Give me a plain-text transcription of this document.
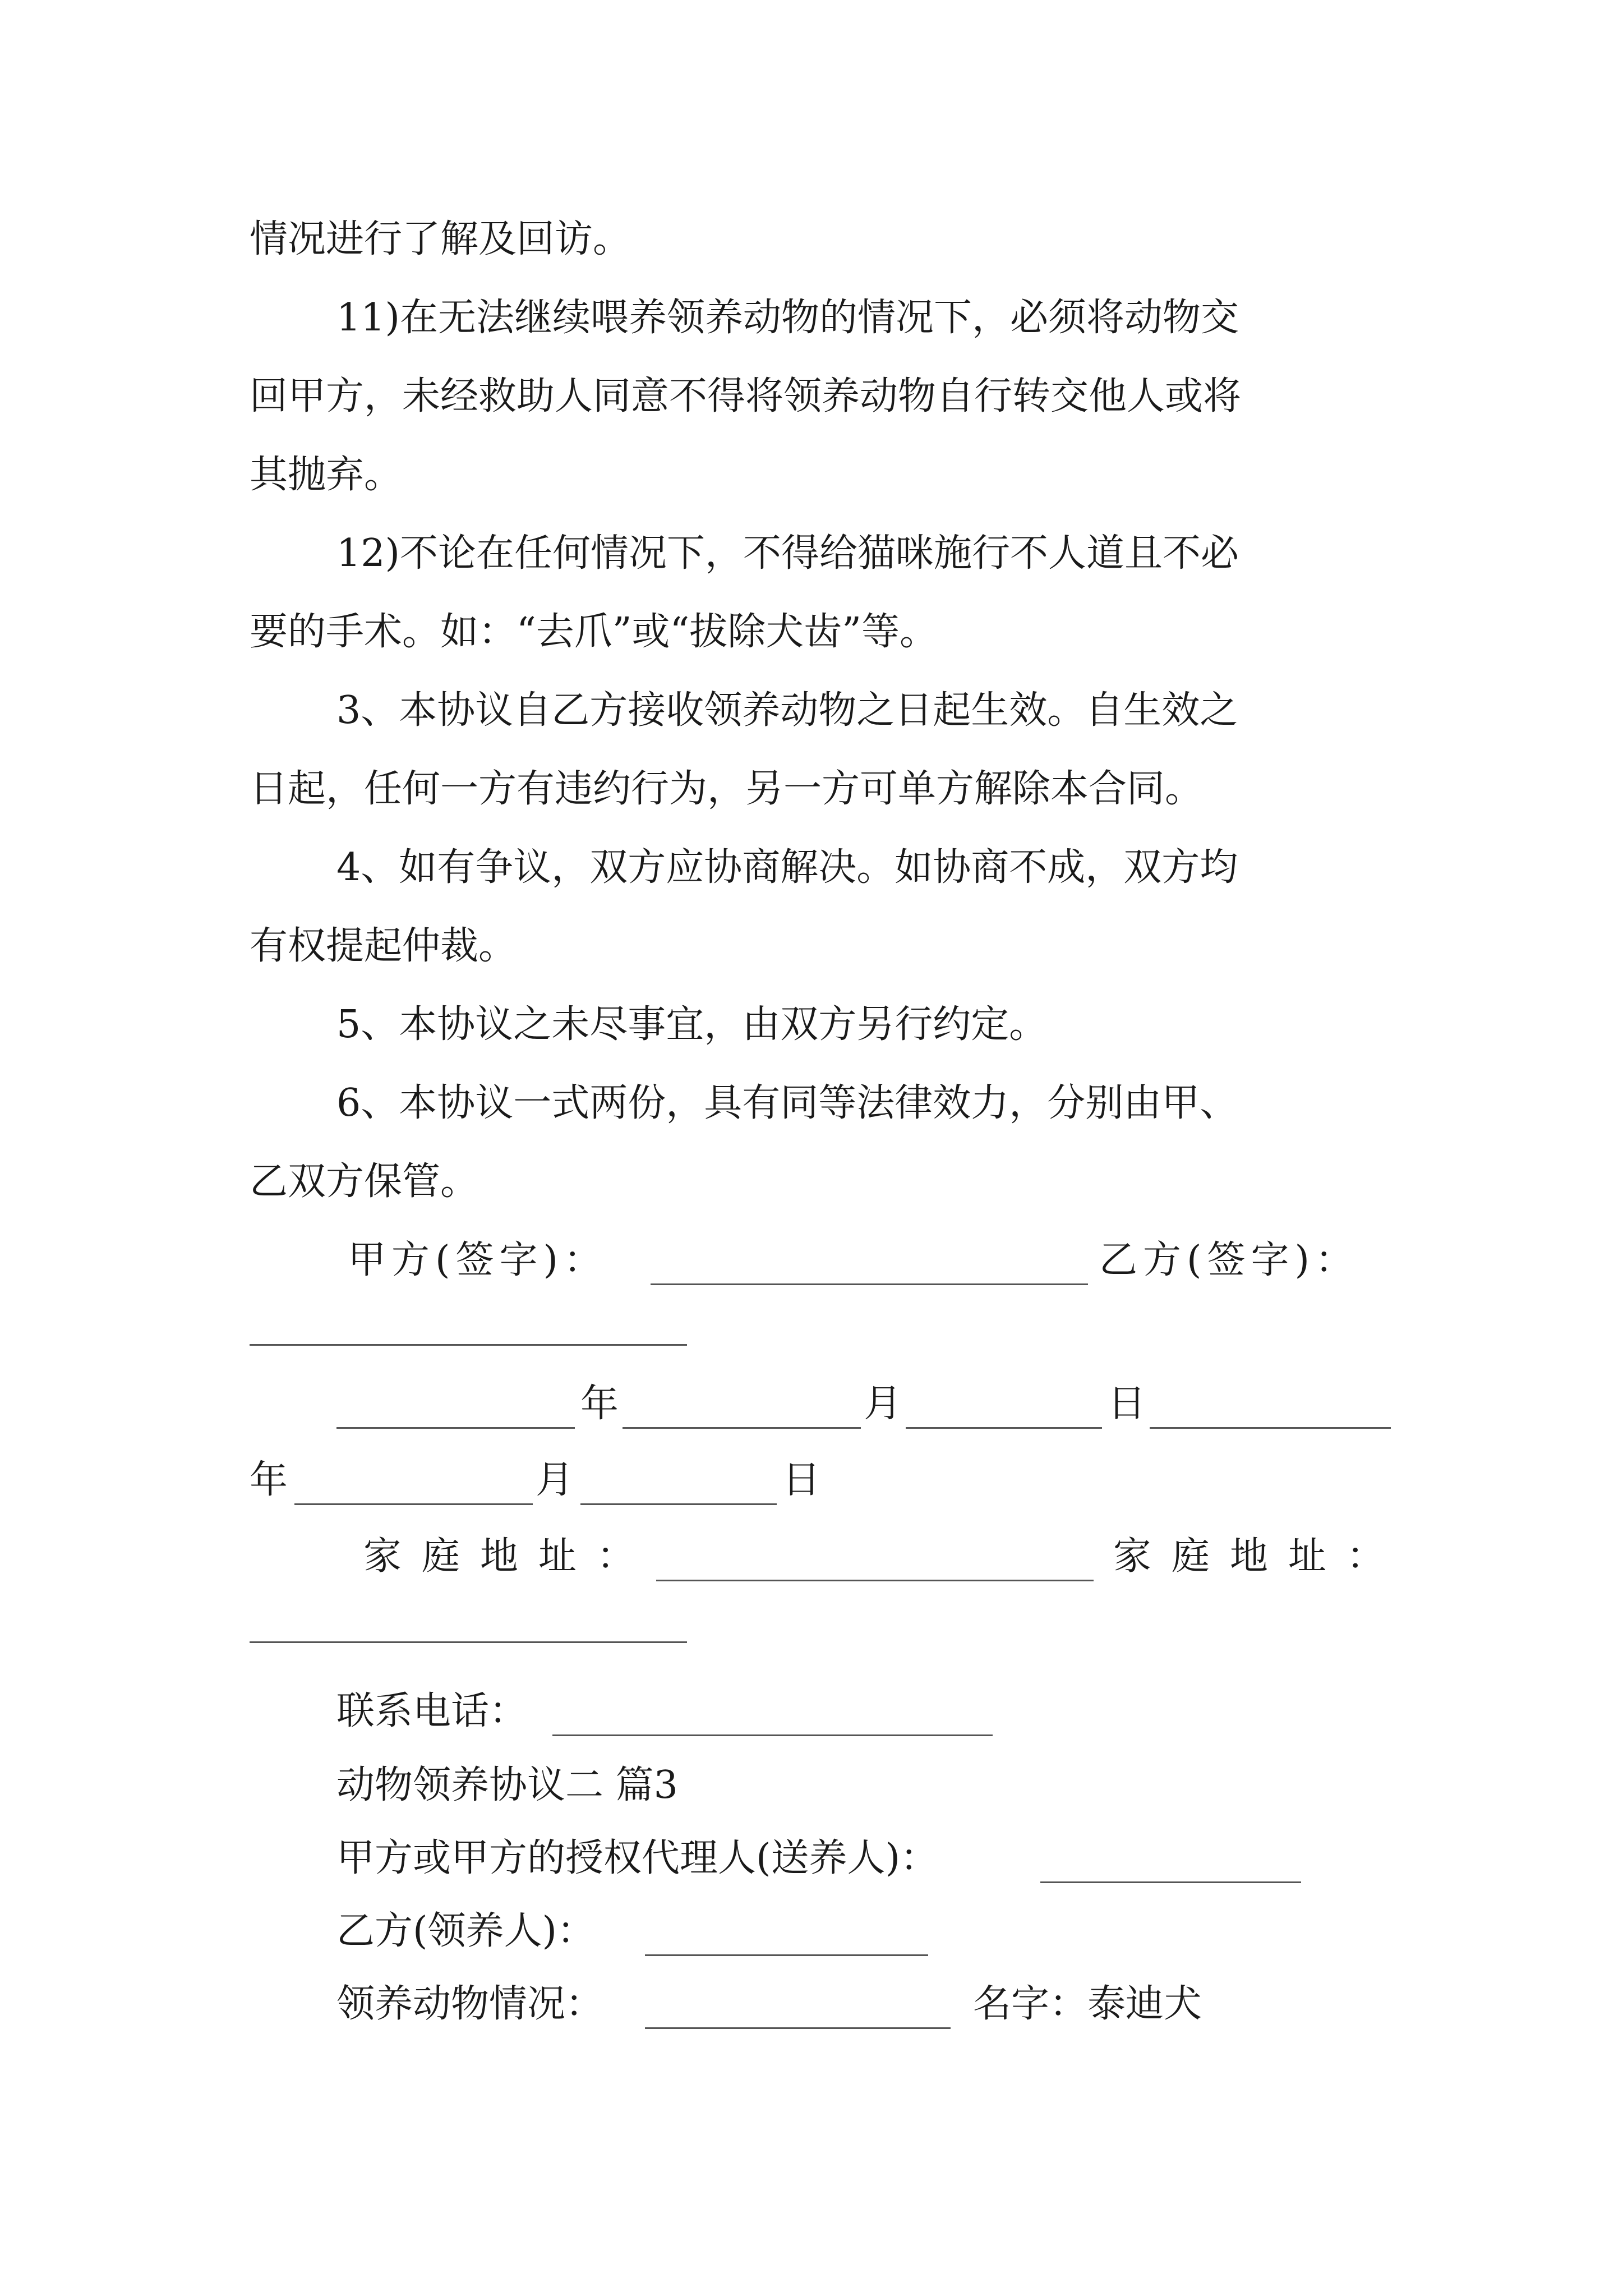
情况进行了解及回访。
11)在无法继续喂养领养动物的情况下，必须将动物交
回甲方，未经救助人同意不得将领养动物自行转交他人或将
其抛弃。
12)不论在任何情况下，不得给猫咪施行不人道且不必
要的手术。如：“去爪”或“拔除犬齿”等。
3、本协议自乙方接收领养动物之日起生效。自生效之
日起，任何一方有违约行为，另一方可单方解除本合同。
4、如有争议，双方应协商解决。如协商不成，双方均
有权提起仲裁。
5、本协议之未尽事宜，由双方另行约定。
6、本协议一式两份，具有同等法律效力，分别由甲、
乙双方保管。
甲方(签字)：	乙方(签字)：
年	月	日
年	月	日
家庭地址：	家庭地址：
联系电话：
动物领养协议二 篇3
甲方或甲方的授权代理人(送养人)：
乙方(领养人)：
领养动物情况：	名字：泰迪犬
